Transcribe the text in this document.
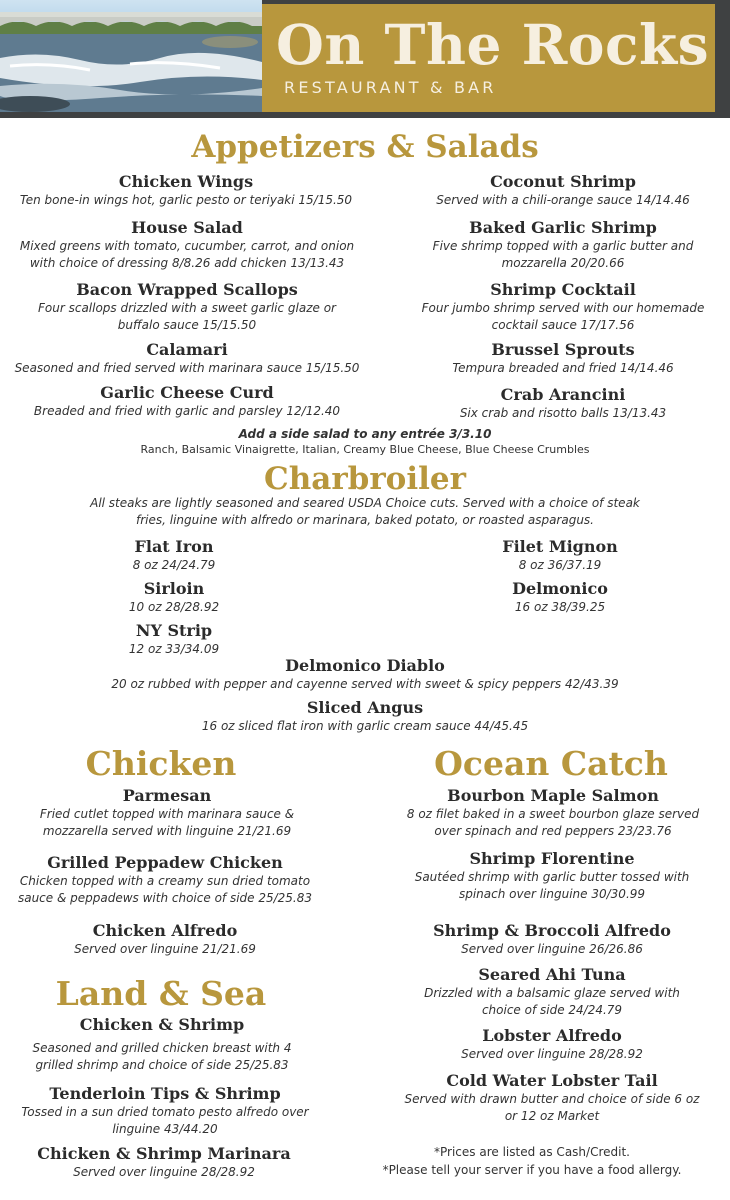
On The Rocks
RESTAURANT & BAR
Appetizers & Salads
Chicken Wings
Ten bone-in wings hot, garlic pesto or teriyaki 15/15.50
House Salad
Mixed greens with tomato, cucumber, carrot, and onion with choice of dressing 8/8.26 add chicken 13/13.43
Bacon Wrapped Scallops
Four scallops drizzled with a sweet garlic glaze or buffalo sauce 15/15.50
Calamari
Seasoned and fried served with marinara sauce 15/15.50
Garlic Cheese Curd
Breaded and fried with garlic and parsley 12/12.40
Coconut Shrimp
Served with a chili-orange sauce 14/14.46
Baked Garlic Shrimp
Five shrimp topped with a garlic butter and mozzarella 20/20.66
Shrimp Cocktail
Four jumbo shrimp served with our homemade cocktail sauce 17/17.56
Brussel Sprouts
Tempura breaded and fried 14/14.46
Crab Arancini
Six crab and risotto balls 13/13.43
Add a side salad to any entrée 3/3.10
Ranch, Balsamic Vinaigrette, Italian, Creamy Blue Cheese, Blue Cheese Crumbles
Charbroiler
All steaks are lightly seasoned and seared USDA Choice cuts. Served with a choice of steak fries, linguine with alfredo or marinara, baked potato, or roasted asparagus.
Flat Iron
8 oz 24/24.79
Sirloin
10 oz 28/28.92
NY Strip
12 oz 33/34.09
Filet Mignon
8 oz 36/37.19
Delmonico
16 oz 38/39.25
Delmonico Diablo
20 oz rubbed with pepper and cayenne served with sweet & spicy peppers 42/43.39
Sliced Angus
16 oz sliced flat iron with garlic cream sauce 44/45.45
Chicken
Parmesan
Fried cutlet topped with marinara sauce & mozzarella served with linguine 21/21.69
Grilled Peppadew Chicken
Chicken topped with a creamy sun dried tomato sauce & peppadews with choice of side 25/25.83
Chicken Alfredo
Served over linguine 21/21.69
Land & Sea
Chicken & Shrimp
Seasoned and grilled chicken breast with 4 grilled shrimp and choice of side 25/25.83
Tenderloin Tips & Shrimp
Tossed in a sun dried tomato pesto alfredo over linguine 43/44.20
Chicken & Shrimp Marinara
Served over linguine 28/28.92
Ocean Catch
Bourbon Maple Salmon
8 oz filet baked in a sweet bourbon glaze served over spinach and red peppers 23/23.76
Shrimp Florentine
Sautéed shrimp with garlic butter tossed with spinach over linguine 30/30.99
Shrimp & Broccoli Alfredo
Served over linguine 26/26.86
Seared Ahi Tuna
Drizzled with a balsamic glaze served with choice of side 24/24.79
Lobster Alfredo
Served over linguine 28/28.92
Cold Water Lobster Tail
Served with drawn butter and choice of side 6 oz or 12 oz Market
*Prices are listed as Cash/Credit.
*Please tell your server if you have a food allergy.
